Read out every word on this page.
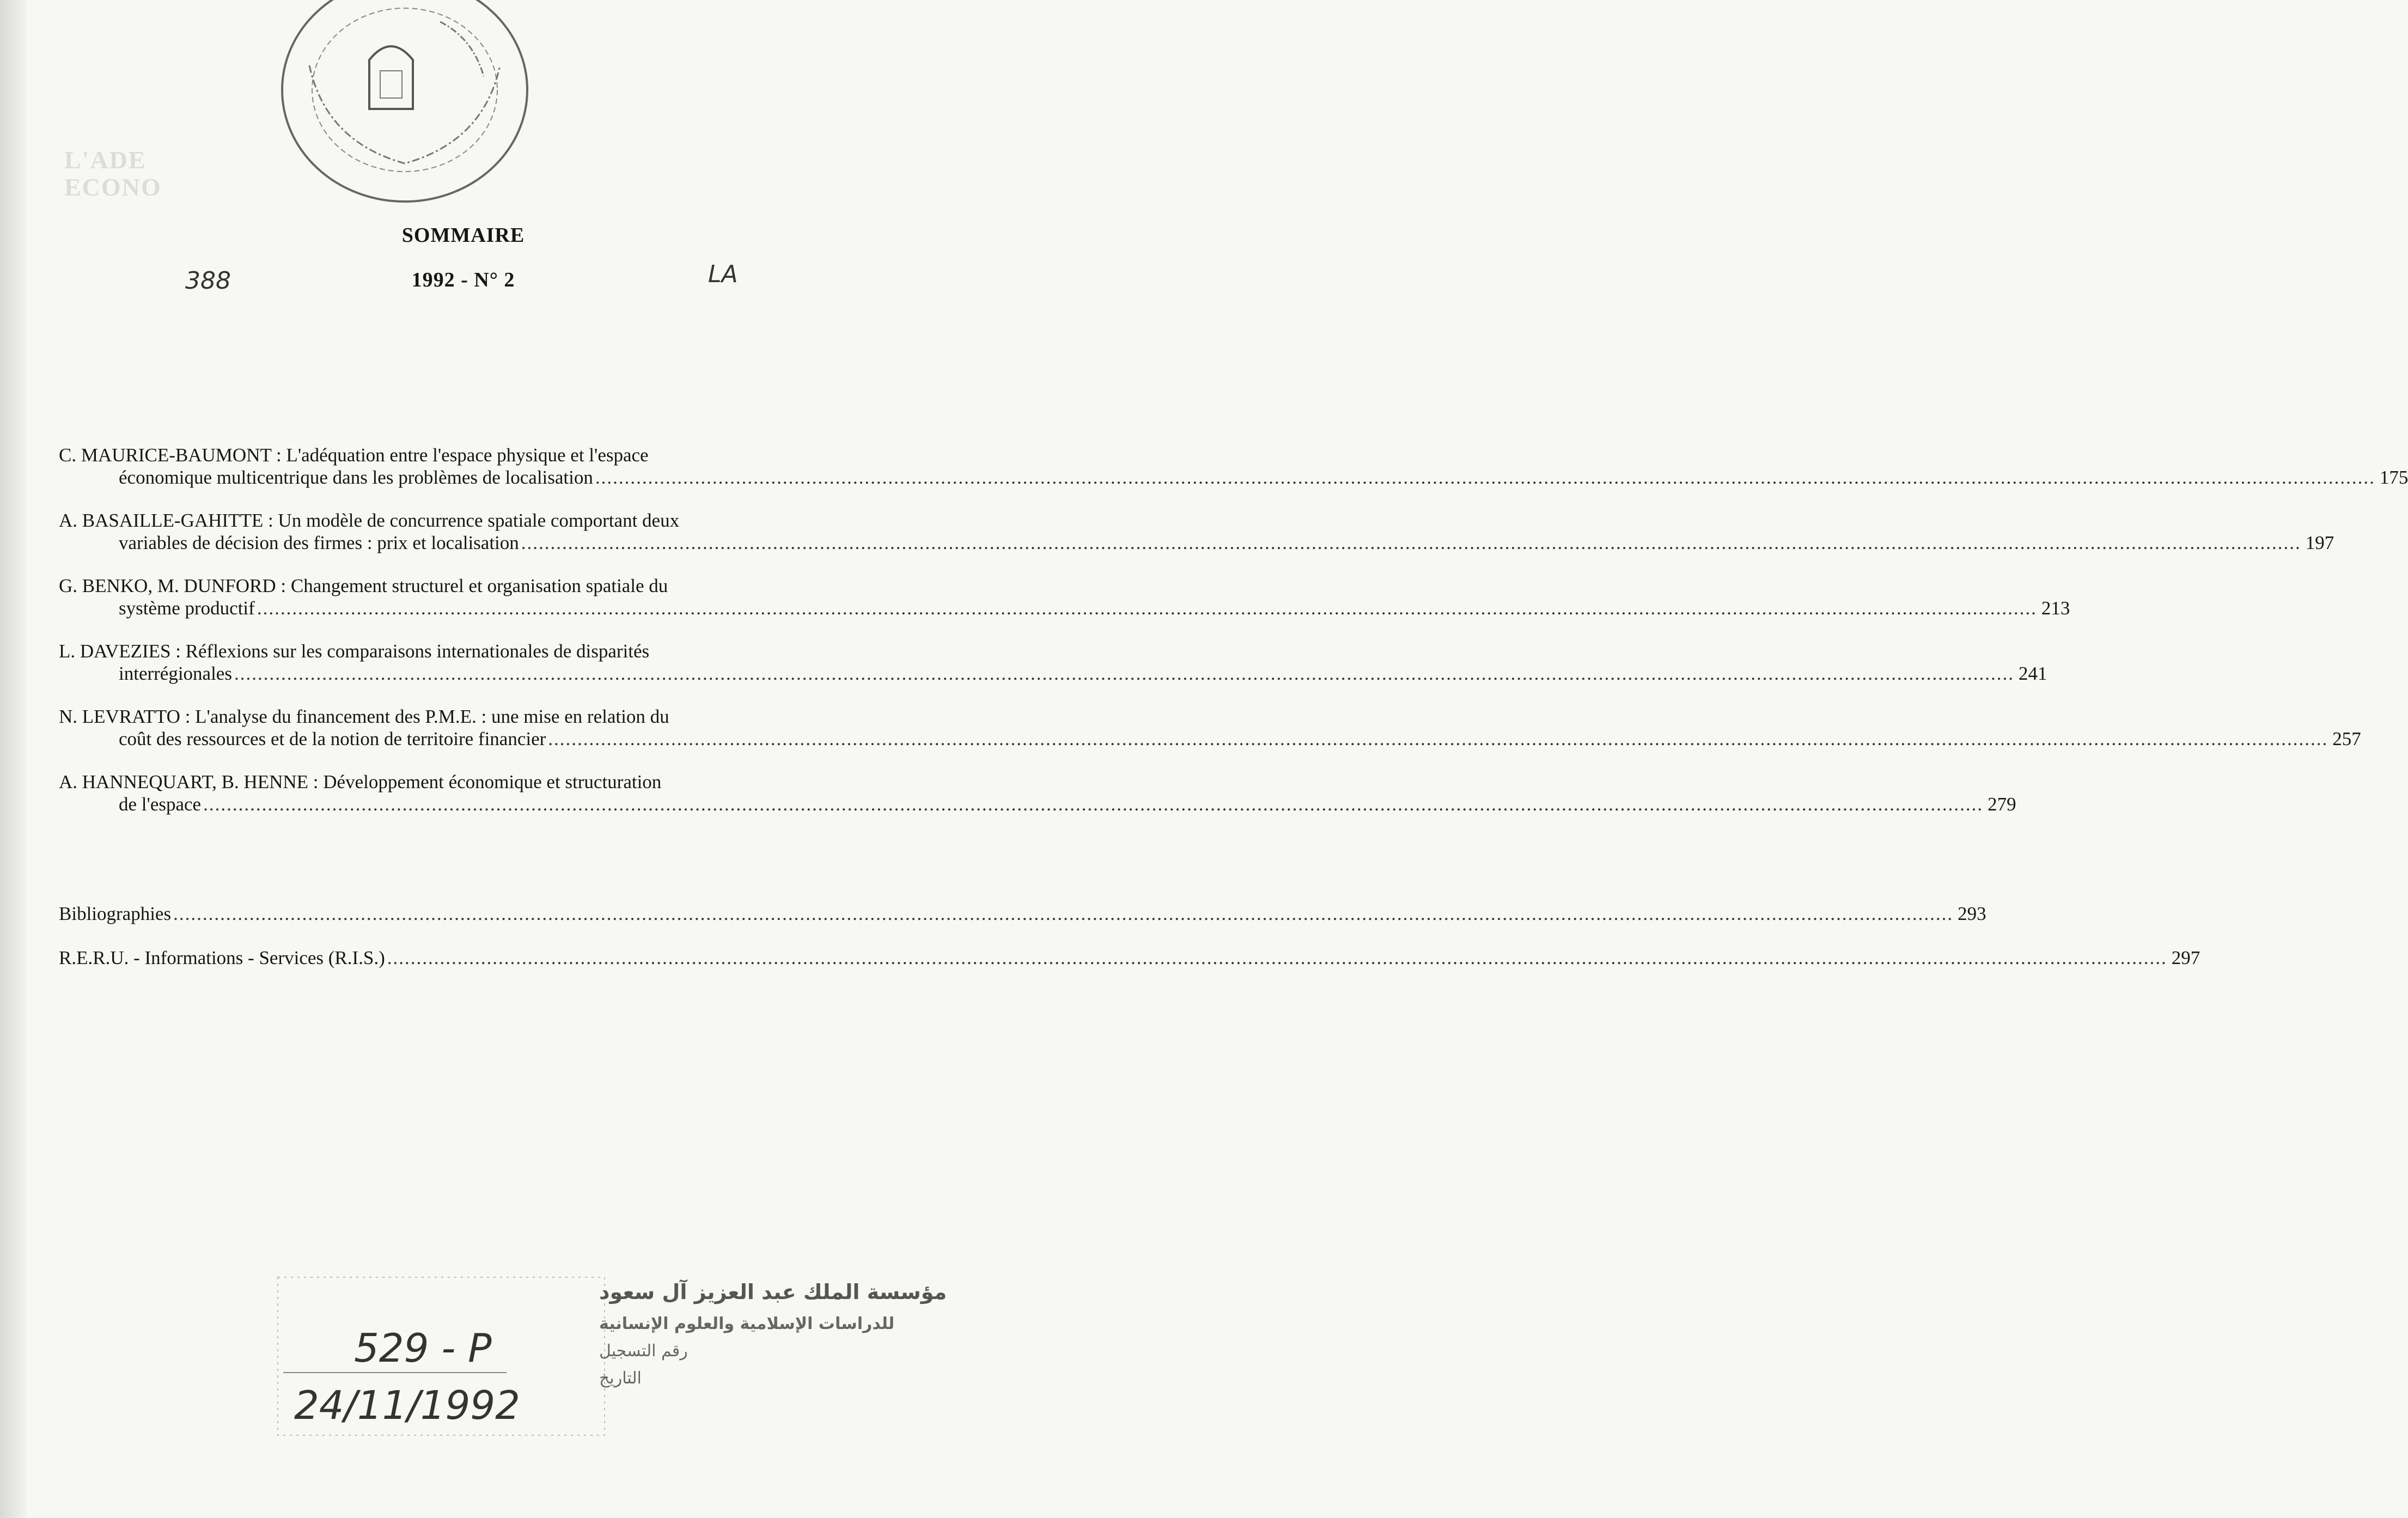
L'ADE
ECONO
SOMMAIRE
1992 - N° 2
388	LA
C. MAURICE-BAUMONT : L'adéquation entre l'espace physique et l'espace
économique multicentrique dans les problèmes de localisation .....	175
A. BASAILLE-GAHITTE : Un modèle de concurrence spatiale comportant deux
variables de décision des firmes : prix et localisation .....	197
G. BENKO, M. DUNFORD : Changement structurel et organisation spatiale du
système productif .....	213
L. DAVEZIES : Réflexions sur les comparaisons internationales de disparités
interrégionales .....	241
N. LEVRATTO : L'analyse du financement des P.M.E. : une mise en relation du
coût des ressources et de la notion de territoire financier .....	257
A. HANNEQUART, B. HENNE : Développement économique et structuration
de l'espace .....	279
Bibliographies .....	293
R.E.R.U. - Informations - Services (R.I.S.) .....	297
مؤسسة الملك عبد العزيز آل سعود
للدراسات الإسلامية والعلوم الإنسانية
رقم التسجيل
التاريخ
529 - P
24/11/1992
